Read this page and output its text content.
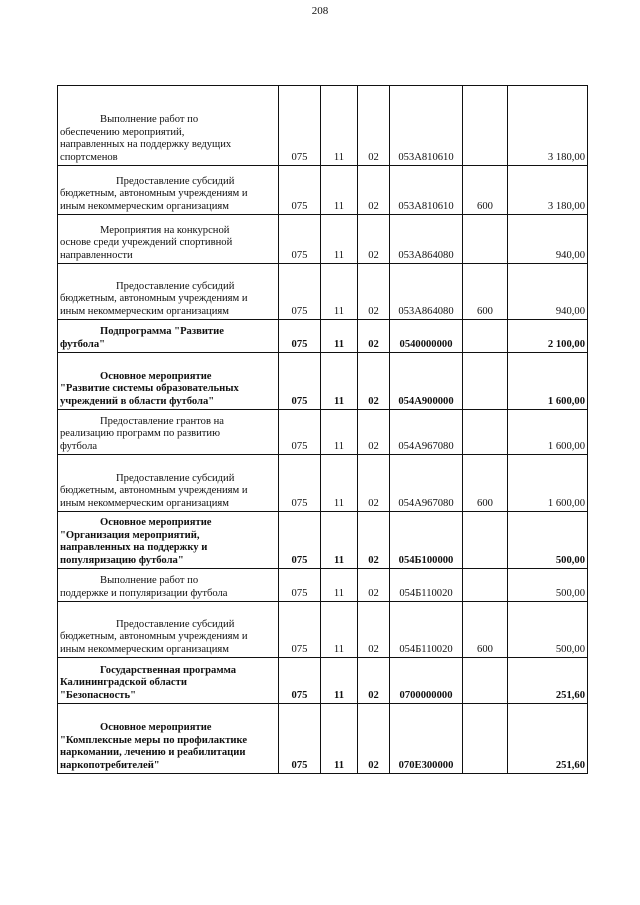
208
Выполнение работ по
обеспечению мероприятий,
направленных на поддержку ведущих
спортсменов	075	11	02	053А810610		3 180,00

Предоставление субсидий
бюджетным, автономным учреждениям и
иным некоммерческим организациям	075	11	02	053А810610	600	3 180,00

Мероприятия на конкурсной
основе среди учреждений спортивной
направленности	075	11	02	053А864080		940,00

Предоставление субсидий
бюджетным, автономным учреждениям и
иным некоммерческим организациям	075	11	02	053А864080	600	940,00

Подпрограмма "Развитие
футбола"	075	11	02	0540000000		2 100,00

Основное мероприятие
"Развитие системы образовательных
учреждений в области футбола"	075	11	02	054А900000		1 600,00

Предоставление грантов на
реализацию программ по развитию
футбола	075	11	02	054А967080		1 600,00

Предоставление субсидий
бюджетным, автономным учреждениям и
иным некоммерческим организациям	075	11	02	054А967080	600	1 600,00

Основное мероприятие
"Организация мероприятий,
направленных на поддержку и
популяризацию футбола"	075	11	02	054Б100000		500,00

Выполнение работ по
поддержке и популяризации футбола	075	11	02	054Б110020		500,00

Предоставление субсидий
бюджетным, автономным учреждениям и
иным некоммерческим организациям	075	11	02	054Б110020	600	500,00

Государственная программа
Калининградской области
"Безопасность"	075	11	02	0700000000		251,60

Основное мероприятие
"Комплексные меры по профилактике
наркомании, лечению и реабилитации
наркопотребителей"	075	11	02	070Е300000		251,60
